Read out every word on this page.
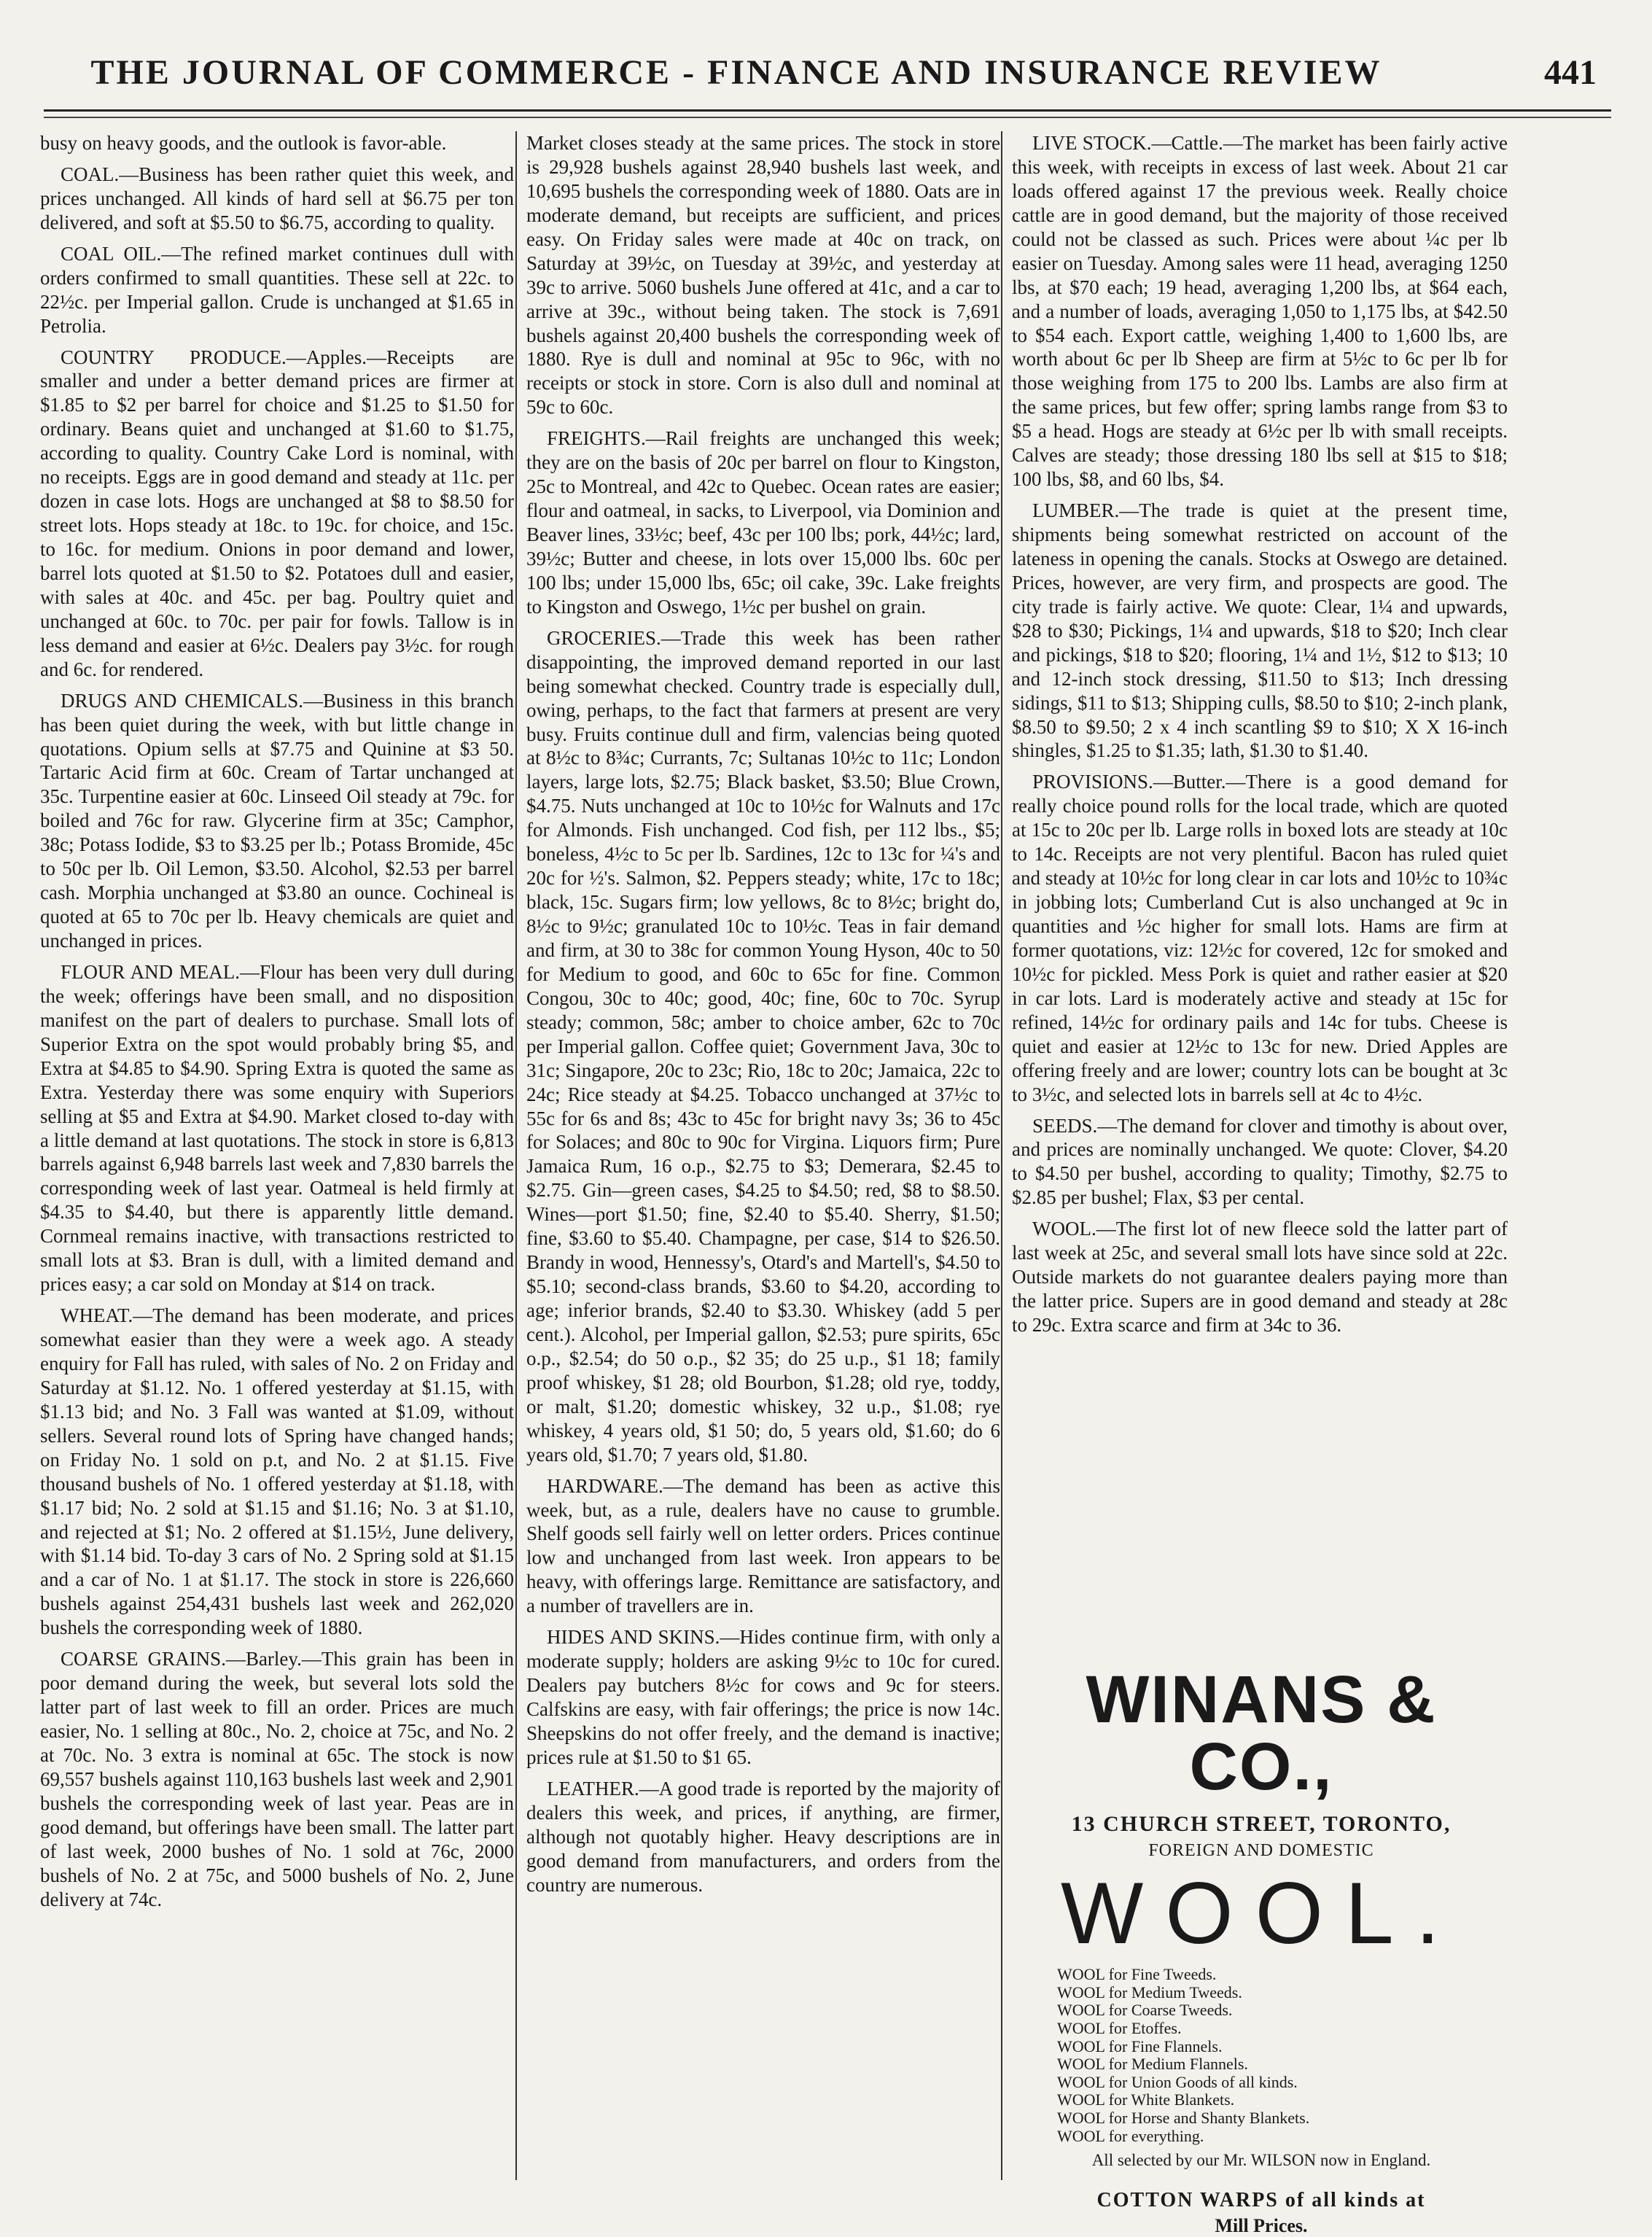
THE JOURNAL OF COMMERCE - FINANCE AND INSURANCE REVIEW	441

busy on heavy goods, and the outlook is favor-able.

COAL.—Business has been rather quiet this week, and prices unchanged. All kinds of hard sell at $6.75 per ton delivered, and soft at $5.50 to $6.75, according to quality.

COAL OIL.—The refined market continues dull with orders confirmed to small quantities. These sell at 22c. to 22½c. per Imperial gallon. Crude is unchanged at $1.65 in Petrolia.

COUNTRY PRODUCE.—Apples.—Receipts are smaller and under a better demand prices are firmer at $1.85 to $2 per barrel for choice and $1.25 to $1.50 for ordinary. Beans quiet and unchanged at $1.60 to $1.75, according to quality. Country Cake Lord is nominal, with no receipts. Eggs are in good demand and steady at 11c. per dozen in case lots. Hogs are unchanged at $8 to $8.50 for street lots. Hops steady at 18c. to 19c. for choice, and 15c. to 16c. for medium. Onions in poor demand and lower, barrel lots quoted at $1.50 to $2. Potatoes dull and easier, with sales at 40c. and 45c. per bag. Poultry quiet and unchanged at 60c. to 70c. per pair for fowls. Tallow is in less demand and easier at 6½c. Dealers pay 3½c. for rough and 6c. for rendered.

DRUGS AND CHEMICALS.—Business in this branch has been quiet during the week, with but little change in quotations. Opium sells at $7.75 and Quinine at $3 50. Tartaric Acid firm at 60c. Cream of Tartar unchanged at 35c. Turpentine easier at 60c. Linseed Oil steady at 79c. for boiled and 76c for raw. Glycerine firm at 35c; Camphor, 38c; Potass Iodide, $3 to $3.25 per lb.; Potass Bromide, 45c to 50c per lb. Oil Lemon, $3.50. Alcohol, $2.53 per barrel cash. Morphia unchanged at $3.80 an ounce. Cochineal is quoted at 65 to 70c per lb. Heavy chemicals are quiet and unchanged in prices.

FLOUR AND MEAL.—Flour has been very dull during the week; offerings have been small, and no disposition manifest on the part of dealers to purchase. Small lots of Superior Extra on the spot would probably bring $5, and Extra at $4.85 to $4.90. Spring Extra is quoted the same as Extra. Yesterday there was some enquiry with Superiors selling at $5 and Extra at $4.90. Market closed to-day with a little demand at last quotations. The stock in store is 6,813 barrels against 6,948 barrels last week and 7,830 barrels the corresponding week of last year. Oatmeal is held firmly at $4.35 to $4.40, but there is apparently little demand. Cornmeal remains inactive, with transactions restricted to small lots at $3. Bran is dull, with a limited demand and prices easy; a car sold on Monday at $14 on track.

WHEAT.—The demand has been moderate, and prices somewhat easier than they were a week ago. A steady enquiry for Fall has ruled, with sales of No. 2 on Friday and Saturday at $1.12. No. 1 offered yesterday at $1.15, with $1.13 bid; and No. 3 Fall was wanted at $1.09, without sellers. Several round lots of Spring have changed hands; on Friday No. 1 sold on p.t, and No. 2 at $1.15. Five thousand bushels of No. 1 offered yesterday at $1.18, with $1.17 bid; No. 2 sold at $1.15 and $1.16; No. 3 at $1.10, and rejected at $1; No. 2 offered at $1.15½, June delivery, with $1.14 bid. To-day 3 cars of No. 2 Spring sold at $1.15 and a car of No. 1 at $1.17. The stock in store is 226,660 bushels against 254,431 bushels last week and 262,020 bushels the corresponding week of 1880.

COARSE GRAINS.—Barley.—This grain has been in poor demand during the week, but several lots sold the latter part of last week to fill an order. Prices are much easier, No. 1 selling at 80c., No. 2, choice at 75c, and No. 2 at 70c. No. 3 extra is nominal at 65c. The stock is now 69,557 bushels against 110,163 bushels last week and 2,901 bushels the corresponding week of last year. Peas are in good demand, but offerings have been small. The latter part of last week, 2000 bushes of No. 1 sold at 76c, 2000 bushels of No. 2 at 75c, and 5000 bushels of No. 2, June delivery at 74c.

Market closes steady at the same prices. The stock in store is 29,928 bushels against 28,940 bushels last week, and 10,695 bushels the corresponding week of 1880. Oats are in moderate demand, but receipts are sufficient, and prices easy. On Friday sales were made at 40c on track, on Saturday at 39½c, on Tuesday at 39½c, and yesterday at 39c to arrive. 5060 bushels June offered at 41c, and a car to arrive at 39c., without being taken. The stock is 7,691 bushels against 20,400 bushels the corresponding week of 1880. Rye is dull and nominal at 95c to 96c, with no receipts or stock in store. Corn is also dull and nominal at 59c to 60c.

FREIGHTS.—Rail freights are unchanged this week; they are on the basis of 20c per barrel on flour to Kingston, 25c to Montreal, and 42c to Quebec. Ocean rates are easier; flour and oatmeal, in sacks, to Liverpool, via Dominion and Beaver lines, 33½c; beef, 43c per 100 lbs; pork, 44½c; lard, 39½c; Butter and cheese, in lots over 15,000 lbs. 60c per 100 lbs; under 15,000 lbs, 65c; oil cake, 39c. Lake freights to Kingston and Oswego, 1½c per bushel on grain.

GROCERIES.—Trade this week has been rather disappointing, the improved demand reported in our last being somewhat checked. Country trade is especially dull, owing, perhaps, to the fact that farmers at present are very busy. Fruits continue dull and firm, valencias being quoted at 8½c to 8¾c; Currants, 7c; Sultanas 10½c to 11c; London layers, large lots, $2.75; Black basket, $3.50; Blue Crown, $4.75. Nuts unchanged at 10c to 10½c for Walnuts and 17c for Almonds. Fish unchanged. Cod fish, per 112 lbs., $5; boneless, 4½c to 5c per lb. Sardines, 12c to 13c for ¼'s and 20c for ½'s. Salmon, $2. Peppers steady; white, 17c to 18c; black, 15c. Sugars firm; low yellows, 8c to 8½c; bright do, 8½c to 9½c; granulated 10c to 10½c. Teas in fair demand and firm, at 30 to 38c for common Young Hyson, 40c to 50 for Medium to good, and 60c to 65c for fine. Common Congou, 30c to 40c; good, 40c; fine, 60c to 70c. Syrup steady; common, 58c; amber to choice amber, 62c to 70c per Imperial gallon. Coffee quiet; Government Java, 30c to 31c; Singapore, 20c to 23c; Rio, 18c to 20c; Jamaica, 22c to 24c; Rice steady at $4.25. Tobacco unchanged at 37½c to 55c for 6s and 8s; 43c to 45c for bright navy 3s; 36 to 45c for Solaces; and 80c to 90c for Virgina. Liquors firm; Pure Jamaica Rum, 16 o.p., $2.75 to $3; Demerara, $2.45 to $2.75. Gin—green cases, $4.25 to $4.50; red, $8 to $8.50. Wines—port $1.50; fine, $2.40 to $5.40. Sherry, $1.50; fine, $3.60 to $5.40. Champagne, per case, $14 to $26.50. Brandy in wood, Hennessy's, Otard's and Martell's, $4.50 to $5.10; second-class brands, $3.60 to $4.20, according to age; inferior brands, $2.40 to $3.30. Whiskey (add 5 per cent.). Alcohol, per Imperial gallon, $2.53; pure spirits, 65c o.p., $2.54; do 50 o.p., $2 35; do 25 u.p., $1 18; family proof whiskey, $1 28; old Bourbon, $1.28; old rye, toddy, or malt, $1.20; domestic whiskey, 32 u.p., $1.08; rye whiskey, 4 years old, $1 50; do, 5 years old, $1.60; do 6 years old, $1.70; 7 years old, $1.80.

HARDWARE.—The demand has been as active this week, but, as a rule, dealers have no cause to grumble. Shelf goods sell fairly well on letter orders. Prices continue low and unchanged from last week. Iron appears to be heavy, with offerings large. Remittance are satisfactory, and a number of travellers are in.

HIDES AND SKINS.—Hides continue firm, with only a moderate supply; holders are asking 9½c to 10c for cured. Dealers pay butchers 8½c for cows and 9c for steers. Calfskins are easy, with fair offerings; the price is now 14c. Sheepskins do not offer freely, and the demand is inactive; prices rule at $1.50 to $1 65.

LEATHER.—A good trade is reported by the majority of dealers this week, and prices, if anything, are firmer, although not quotably higher. Heavy descriptions are in good demand from manufacturers, and orders from the country are numerous.

LIVE STOCK.—Cattle.—The market has been fairly active this week, with receipts in excess of last week. About 21 car loads offered against 17 the previous week. Really choice cattle are in good demand, but the majority of those received could not be classed as such. Prices were about ¼c per lb easier on Tuesday. Among sales were 11 head, averaging 1250 lbs, at $70 each; 19 head, averaging 1,200 lbs, at $64 each, and a number of loads, averaging 1,050 to 1,175 lbs, at $42.50 to $54 each. Export cattle, weighing 1,400 to 1,600 lbs, are worth about 6c per lb Sheep are firm at 5½c to 6c per lb for those weighing from 175 to 200 lbs. Lambs are also firm at the same prices, but few offer; spring lambs range from $3 to $5 a head. Hogs are steady at 6½c per lb with small receipts. Calves are steady; those dressing 180 lbs sell at $15 to $18; 100 lbs, $8, and 60 lbs, $4.

LUMBER.—The trade is quiet at the present time, shipments being somewhat restricted on account of the lateness in opening the canals. Stocks at Oswego are detained. Prices, however, are very firm, and prospects are good. The city trade is fairly active. We quote: Clear, 1¼ and upwards, $28 to $30; Pickings, 1¼ and upwards, $18 to $20; Inch clear and pickings, $18 to $20; flooring, 1¼ and 1½, $12 to $13; 10 and 12-inch stock dressing, $11.50 to $13; Inch dressing sidings, $11 to $13; Shipping culls, $8.50 to $10; 2-inch plank, $8.50 to $9.50; 2 x 4 inch scantling $9 to $10; X X 16-inch shingles, $1.25 to $1.35; lath, $1.30 to $1.40.

PROVISIONS.—Butter.—There is a good demand for really choice pound rolls for the local trade, which are quoted at 15c to 20c per lb. Large rolls in boxed lots are steady at 10c to 14c. Receipts are not very plentiful. Bacon has ruled quiet and steady at 10½c for long clear in car lots and 10½c to 10¾c in jobbing lots; Cumberland Cut is also unchanged at 9c in quantities and ½c higher for small lots. Hams are firm at former quotations, viz: 12½c for covered, 12c for smoked and 10½c for pickled. Mess Pork is quiet and rather easier at $20 in car lots. Lard is moderately active and steady at 15c for refined, 14½c for ordinary pails and 14c for tubs. Cheese is quiet and easier at 12½c to 13c for new. Dried Apples are offering freely and are lower; country lots can be bought at 3c to 3½c, and selected lots in barrels sell at 4c to 4½c.

SEEDS.—The demand for clover and timothy is about over, and prices are nominally unchanged. We quote: Clover, $4.20 to $4.50 per bushel, according to quality; Timothy, $2.75 to $2.85 per bushel; Flax, $3 per cental.

WOOL.—The first lot of new fleece sold the latter part of last week at 25c, and several small lots have since sold at 22c. Outside markets do not guarantee dealers paying more than the latter price. Supers are in good demand and steady at 28c to 29c. Extra scarce and firm at 34c to 36.

WINANS & CO.,
13 CHURCH STREET, TORONTO,
FOREIGN AND DOMESTIC
WOOL.
WOOL for Fine Tweeds.
WOOL for Medium Tweeds.
WOOL for Coarse Tweeds.
WOOL for Etoffes.
WOOL for Fine Flannels.
WOOL for Medium Flannels.
WOOL for Union Goods of all kinds.
WOOL for White Blankets.
WOOL for Horse and Shanty Blankets.
WOOL for everything.
All selected by our Mr. WILSON now in England.
COTTON WARPS of all kinds at
Mill Prices.
